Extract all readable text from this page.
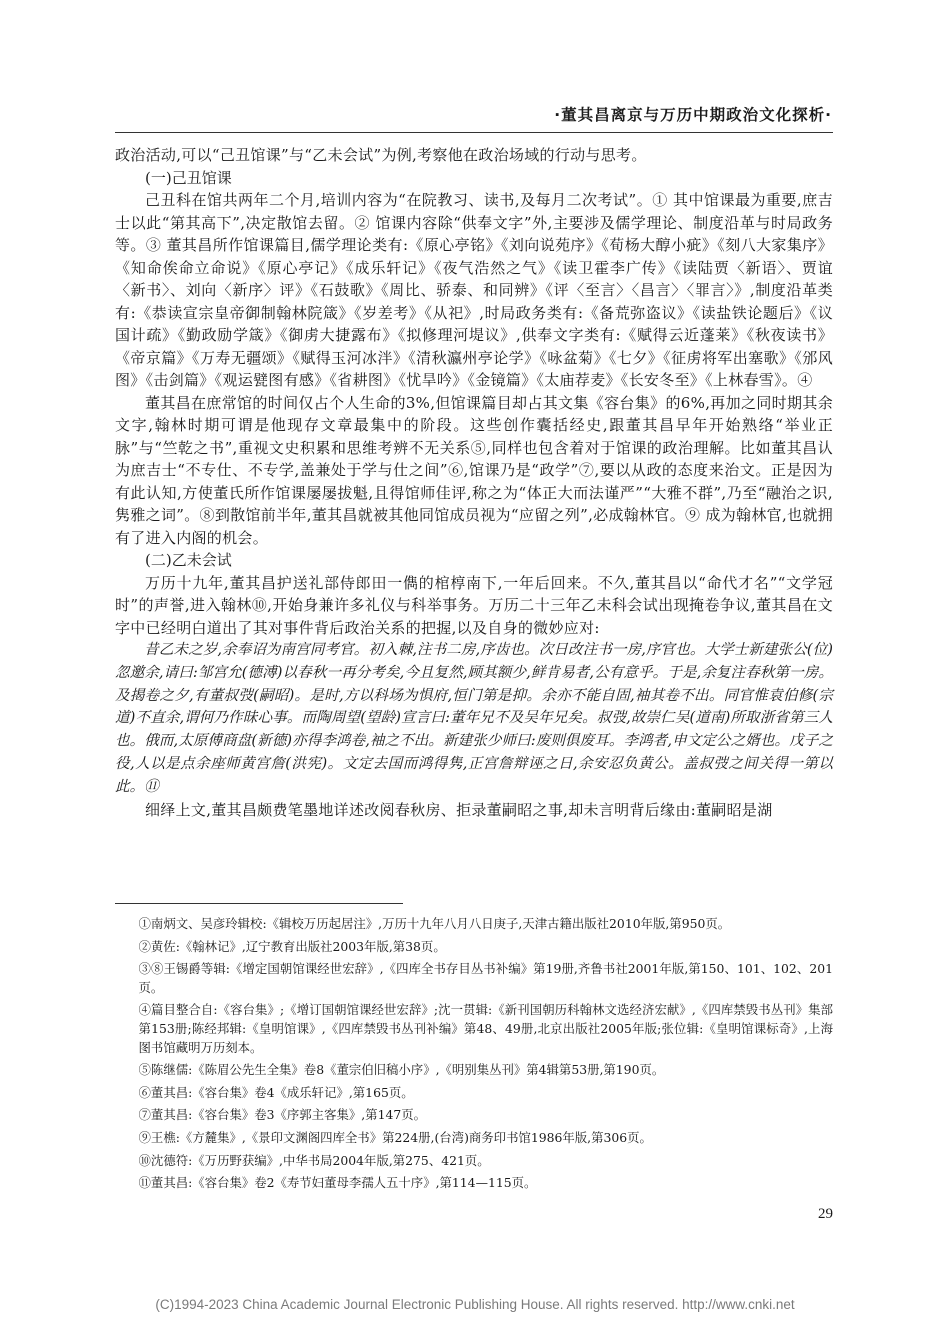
·董其昌离京与万历中期政治文化探析·

政治活动,可以“己丑馆课”与“乙未会试”为例,考察他在政治场域的行动与思考。

(一)己丑馆课

己丑科在馆共两年二个月,培训内容为“在院教习、读书,及每月二次考试”。① 其中馆课最为重要,庶吉士以此“第其高下”,决定散馆去留。② 馆课内容除“供奉文字”外,主要涉及儒学理论、制度沿革与时局政务等。③ 董其昌所作馆课篇目,儒学理论类有:《原心亭铭》《刘向说苑序》《荀杨大醇小疵》《刻八大家集序》《知命俟命立命说》《原心亭记》《成乐轩记》《夜气浩然之气》《读卫霍李广传》《读陆贾〈新语〉、贾谊〈新书〉、刘向〈新序〉评》《石鼓歌》《周比、骄泰、和同辨》《评〈至言〉〈昌言〉〈罪言〉》,制度沿革类有:《恭读宣宗皇帝御制翰林院箴》《岁差考》《从祀》,时局政务类有:《备荒弥盗议》《读盐铁论题后》《议国计疏》《勤政励学箴》《御虏大捷露布》《拟修理河堤议》,供奉文字类有:《赋得云近蓬莱》《秋夜读书》《帝京篇》《万寿无疆颂》《赋得玉河冰泮》《清秋瀛州亭论学》《咏盆菊》《七夕》《征虏将军出塞歌》《邠风图》《击剑篇》《观运甓图有感》《省耕图》《忧旱吟》《金镜篇》《太庙荐麦》《长安冬至》《上林春雪》。④

董其昌在庶常馆的时间仅占个人生命的3%,但馆课篇目却占其文集《容台集》的6%,再加之同时期其余文字,翰林时期可谓是他现存文章最集中的阶段。这些创作囊括经史,跟董其昌早年开始熟络“举业正脉”与“竺乾之书”,重视文史积累和思维考辨不无关系⑤,同样也包含着对于馆课的政治理解。比如董其昌认为庶吉士“不专仕、不专学,盖兼处于学与仕之间”⑥,馆课乃是“政学”⑦,要以从政的态度来治文。正是因为有此认知,方使董氏所作馆课屡屡拔魁,且得馆师佳评,称之为“体正大而法谨严”“大雅不群”,乃至“融治之识,隽雅之词”。⑧到散馆前半年,董其昌就被其他同馆成员视为“应留之列”,必成翰林官。⑨ 成为翰林官,也就拥有了进入内阁的机会。

(二)乙未会试

万历十九年,董其昌护送礼部侍郎田一儁的棺椁南下,一年后回来。不久,董其昌以“命代才名”“文学冠时”的声誉,进入翰林⑩,开始身兼许多礼仪与科举事务。万历二十三年乙未科会试出现掩卷争议,董其昌在文字中已经明白道出了其对事件背后政治关系的把握,以及自身的微妙应对:

昔乙未之岁,余奉诏为南宫同考官。初入棘,注书二房,序齿也。次日改注书一房,序官也。大学士新建张公(位)忽邀余,请曰:邹宫允(德溥)以春秋一再分考矣,今且复然,顾其额少,鲜肯易者,公有意乎。于是,余复注春秋第一房。及揭卷之夕,有董叔弢(嗣昭)。是时,方以科场为惧府,恒门第是抑。余亦不能自固,袖其卷不出。同官惟袁伯修(宗道)不直余,谓何乃作昧心事。而陶周望(望龄)宣言曰:董年兄不及吴年兄矣。叔弢,故崇仁吴(道南)所取浙省第三人也。俄而,太原傅商盘(新德)亦得李鸿卷,袖之不出。新建张少师曰:废则俱废耳。李鸿者,申文定公之婿也。戊子之役,人以是点余座师黄宫詹(洪宪)。文定去国而鸿得隽,正宫詹辩诬之日,余安忍负黄公。盖叔弢之间关得一第以此。⑪

细绎上文,董其昌颇费笔墨地详述改阅春秋房、拒录董嗣昭之事,却未言明背后缘由:董嗣昭是湖

①南炳文、吴彦玲辑校:《辑校万历起居注》,万历十九年八月八日庚子,天津古籍出版社2010年版,第950页。

②黄佐:《翰林记》,辽宁教育出版社2003年版,第38页。

③⑧王锡爵等辑:《增定国朝馆课经世宏辞》,《四库全书存目丛书补编》第19册,齐鲁书社2001年版,第150、101、102、201页。

④篇目整合自:《容台集》;《增订国朝馆课经世宏辞》;沈一贯辑:《新刊国朝历科翰林文选经济宏献》,《四库禁毁书丛刊》集部第153册;陈经邦辑:《皇明馆课》,《四库禁毁书丛刊补编》第48、49册,北京出版社2005年版;张位辑:《皇明馆课标奇》,上海图书馆藏明万历刻本。

⑤陈继儒:《陈眉公先生全集》卷8《董宗伯旧稿小序》,《明别集丛刊》第4辑第53册,第190页。

⑥董其昌:《容台集》卷4《成乐轩记》,第165页。

⑦董其昌:《容台集》卷3《序郭主客集》,第147页。

⑨王樵:《方麓集》,《景印文渊阁四库全书》第224册,(台湾)商务印书馆1986年版,第306页。

⑩沈德符:《万历野获编》,中华书局2004年版,第275、421页。

⑪董其昌:《容台集》卷2《寿节妇董母李孺人五十序》,第114—115页。

29
(C)1994-2023 China Academic Journal Electronic Publishing House. All rights reserved. http://www.cnki.net
